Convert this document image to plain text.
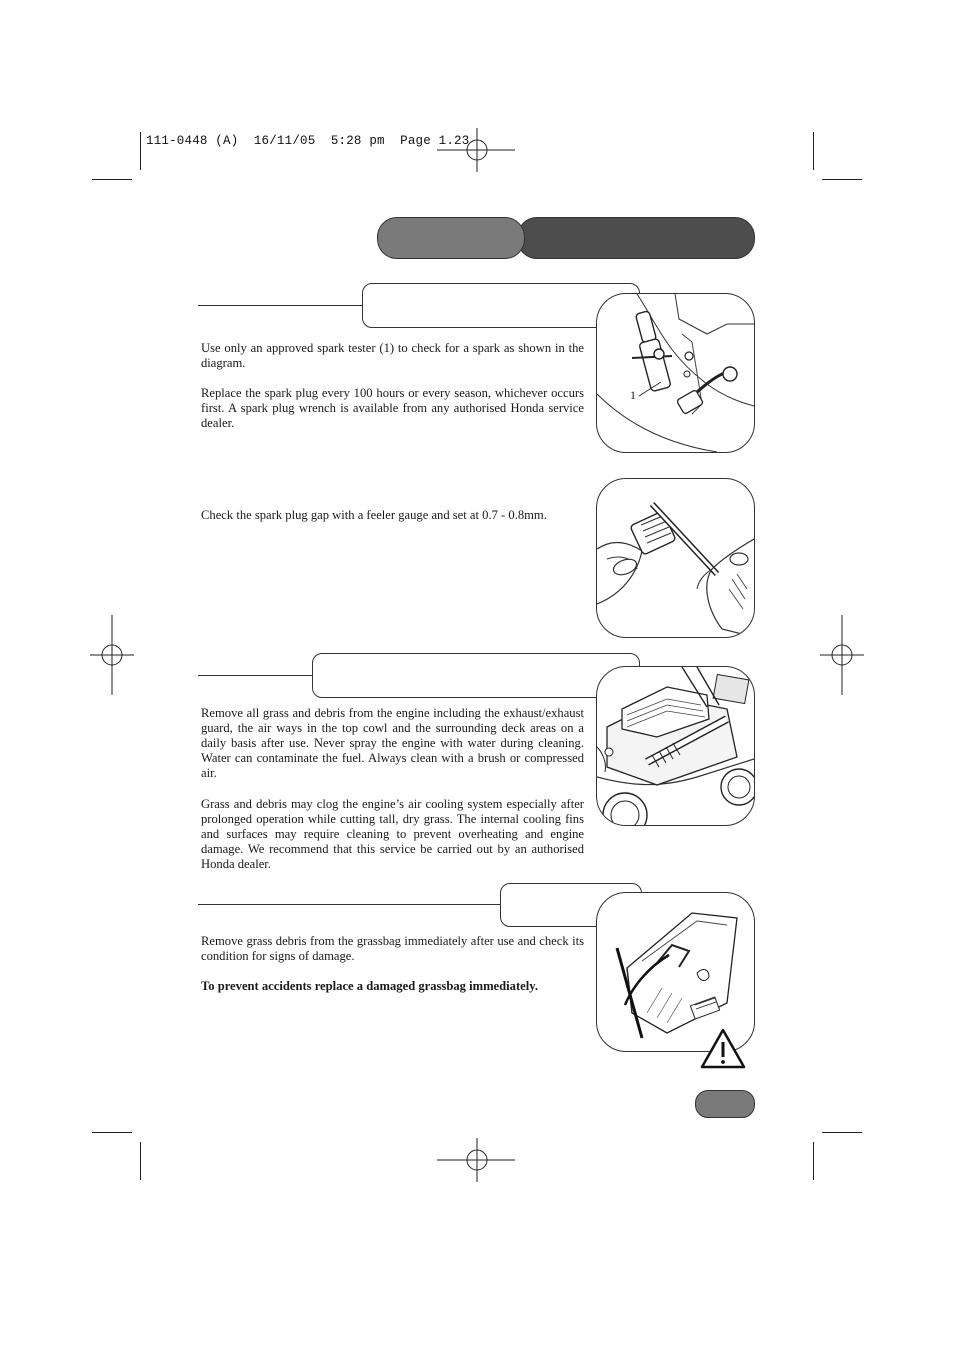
111-0448 (A)  16/11/05  5:28 pm  Page 1.23

Use only an approved spark tester (1) to check for a spark as shown in the diagram.

Replace the spark plug every 100 hours or every season, whichever occurs first. A spark plug wrench is available from any authorised Honda service dealer.

1

Check the spark plug gap with a feeler gauge and set at 0.7 - 0.8mm.

Remove all grass and debris from the engine including the exhaust/exhaust guard, the air ways in the top cowl and the surrounding deck areas on a daily basis after use. Never spray the engine with water during cleaning. Water can contaminate the fuel. Always clean with a brush or compressed air.

Grass and debris may clog the engine’s air cooling system especially after prolonged operation while cutting tall, dry grass. The internal cooling fins and surfaces may require cleaning to prevent overheating and engine damage. We recommend that this service be carried out by an authorised Honda dealer.

Remove grass debris from the grassbag immediately after use and check its condition for signs of damage.

To prevent accidents replace a damaged grassbag immediately.
